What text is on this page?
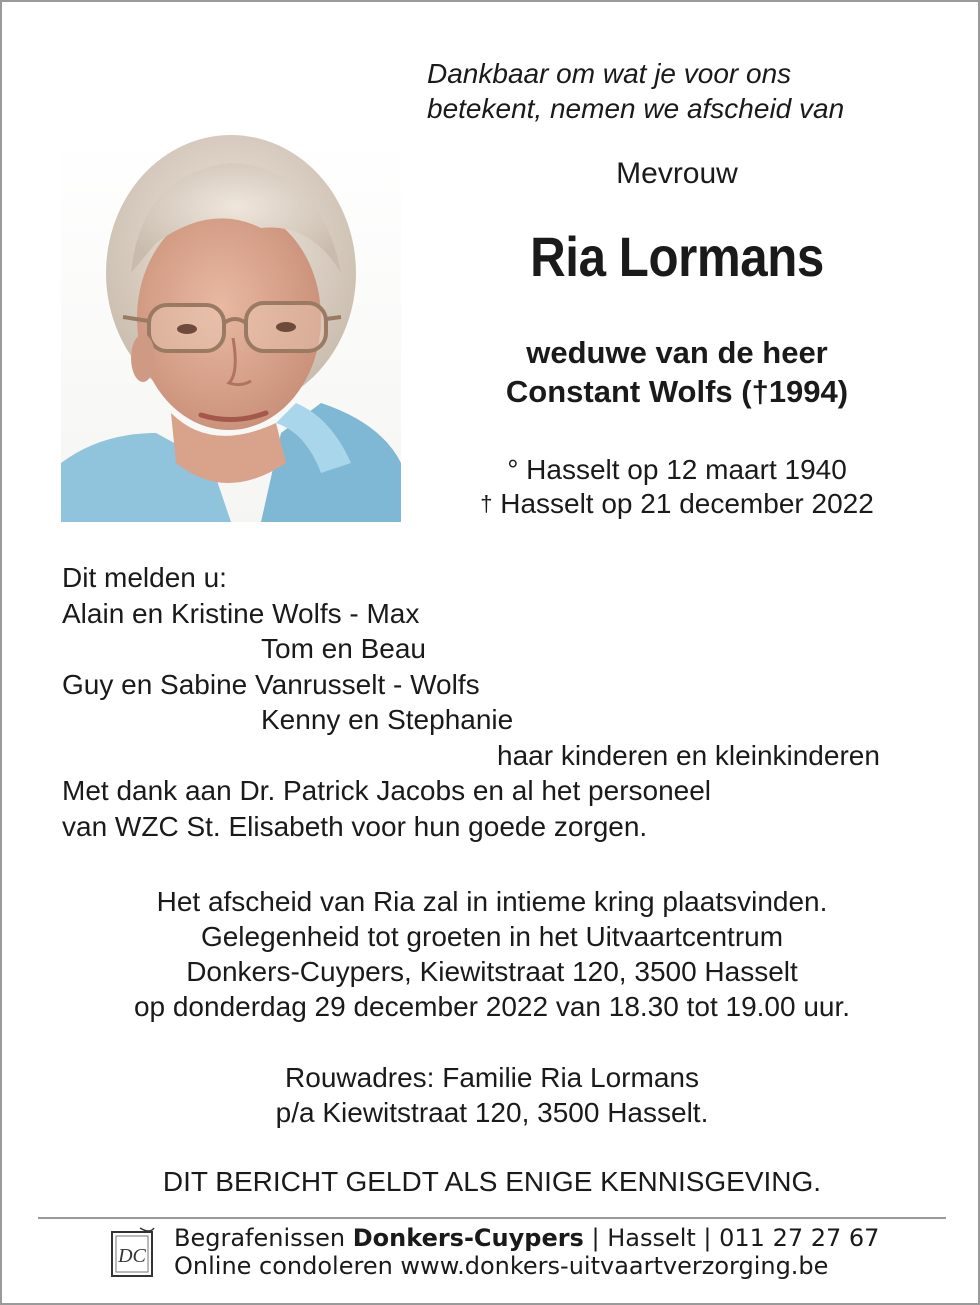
Dankbaar om wat je voor ons
betekent, nemen we afscheid van
Mevrouw
Ria Lormans
weduwe van de heer
Constant Wolfs (†1994)
° Hasselt op 12 maart 1940
† Hasselt op 21 december 2022
Dit melden u:
Alain en Kristine Wolfs - Max
Tom en Beau
Guy en Sabine Vanrusselt - Wolfs
Kenny en Stephanie
haar kinderen en kleinkinderen
Met dank aan Dr. Patrick Jacobs en al het personeel
van WZC St. Elisabeth voor hun goede zorgen.
Het afscheid van Ria zal in intieme kring plaatsvinden.
Gelegenheid tot groeten in het Uitvaartcentrum
Donkers-Cuypers, Kiewitstraat 120, 3500 Hasselt
op donderdag 29 december 2022 van 18.30 tot 19.00 uur.
Rouwadres: Familie Ria Lormans
p/a Kiewitstraat 120, 3500 Hasselt.
DIT BERICHT GELDT ALS ENIGE KENNISGEVING.
DC
Begrafenissen Donkers-Cuypers | Hasselt | 011 27 27 67
Online condoleren www.donkers-uitvaartverzorging.be
